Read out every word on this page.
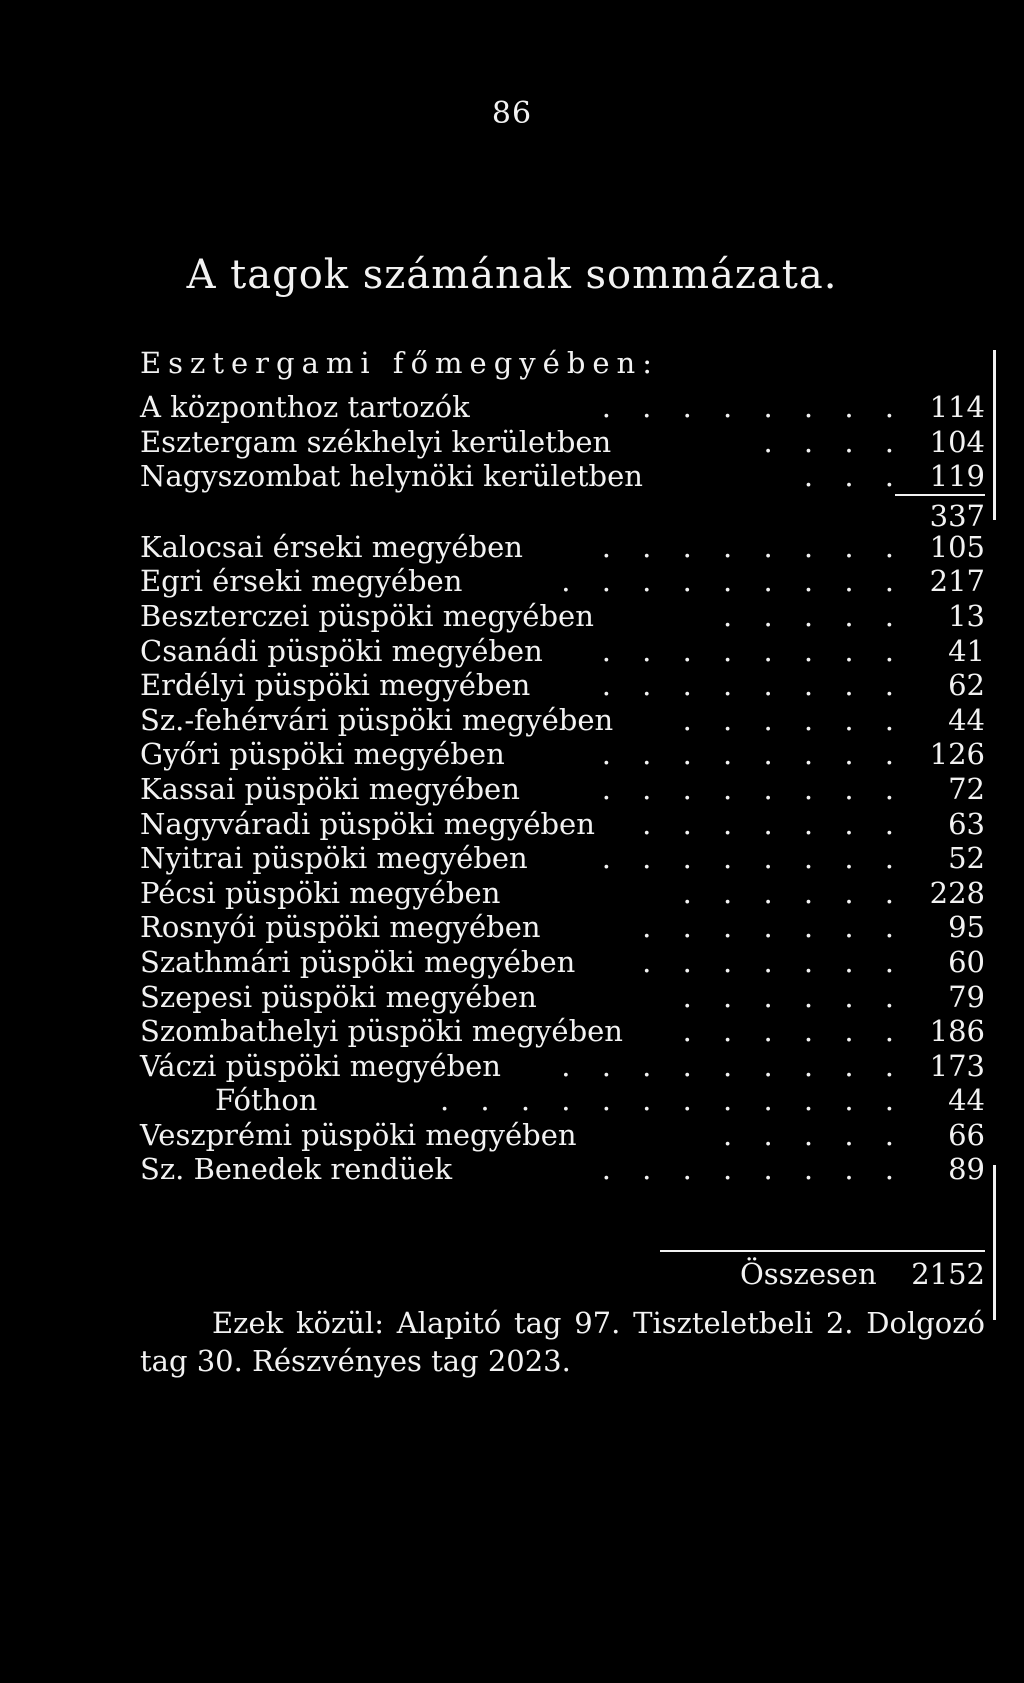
86
A tagok számának sommázata.
Esztergami főmegyében:
A központhoz tartozók	. . . . . . . . 114
Esztergam székhelyi kerületben	. . . . 104
Nagyszombat helynöki kerületben	. . . 119
337
Kalocsai érseki megyében	. . . . . . . . 105
Egri érseki megyében	. . . . . . . . . 217
Beszterczei püspöki megyében	. . . . .	13
Csanádi püspöki megyében . . . . . . . .	41
Erdélyi püspöki megyében . . . . . . . .	62
Sz.-fehérvári püspöki megyében . . . . . .	44
Győri püspöki megyében	. . . . . . . . 126
Kassai püspöki megyében	. . . . . . . .	72
Nagyváradi püspöki megyében . . . . . . .	63
Nyitrai püspöki megyében	. . . . . . . .	52
Pécsi püspöki megyében	. . . . . . 228
Rosnyói püspöki megyében	. . . . . . .	95
Szathmári püspöki megyében . . . . . . .	60
Szepesi püspöki megyében	. . . . . .	79
Szombathelyi püspöki megyében . . . . . . 186
Váczi püspöki megyében . . . . . . . . . 173
Fóthon	. . . . . . . . . . . .	44
Veszprémi püspöki megyében	. . . . .	66
Sz. Benedek rendüek	. . . . . . . .	89
Összesen 2152
Ezek közül: Alapitó tag 97. Tiszteletbeli 2. Dolgozó tag 30. Részvényes tag 2023.
